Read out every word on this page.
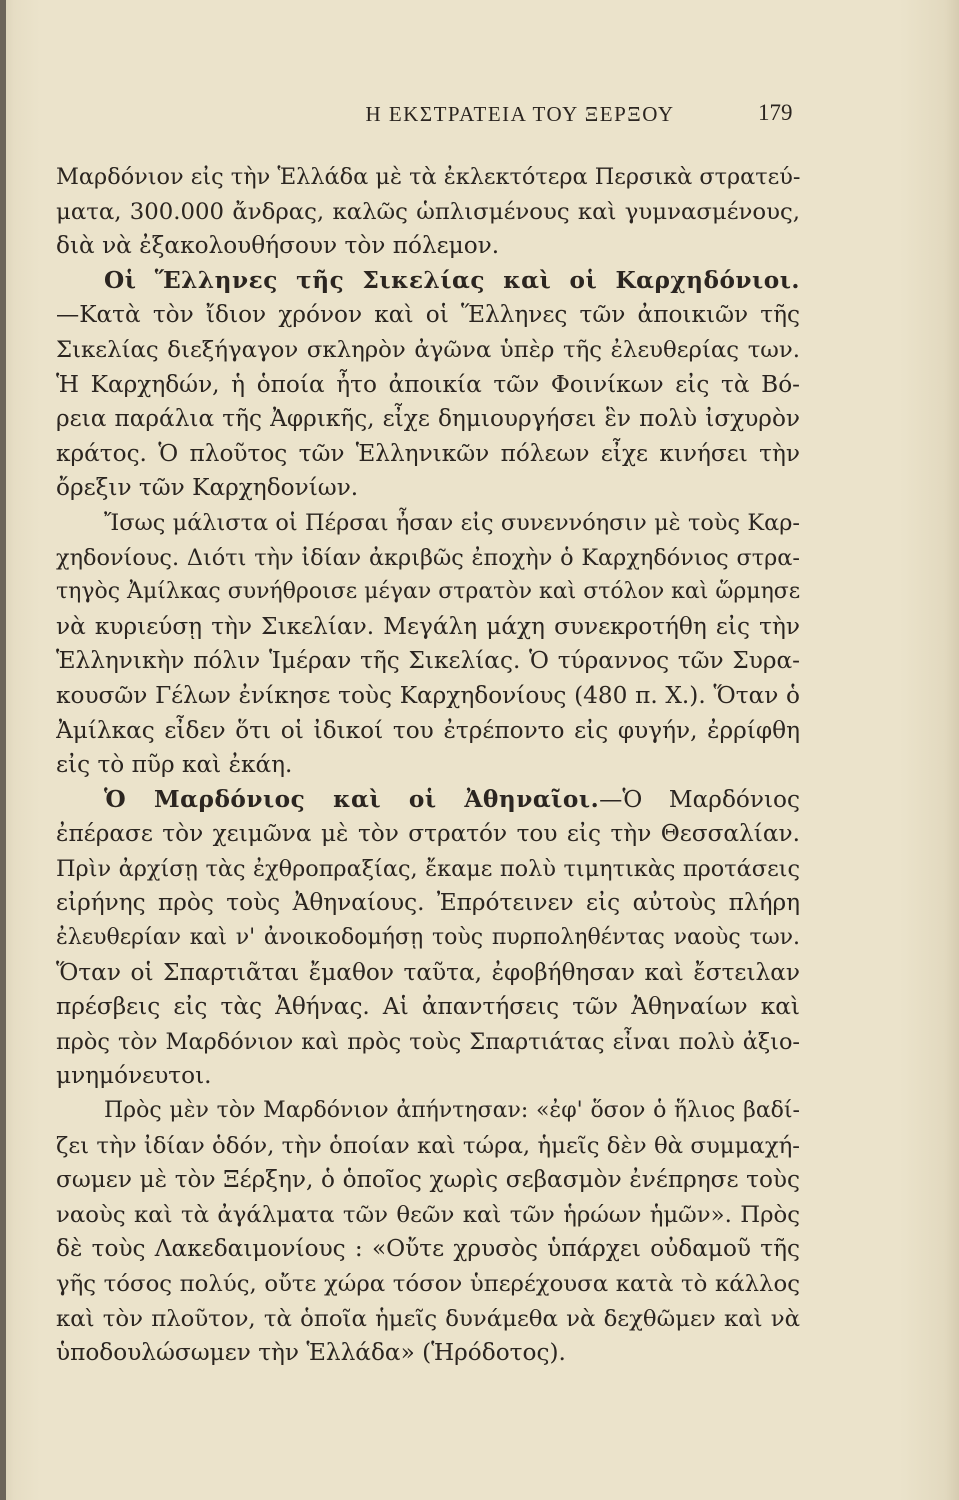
Η ΕΚΣΤΡΑΤΕΙΑ ΤΟΥ ΞΕΡΞΟΥ	179
Μαρδόνιον εἰς τὴν Ἑλλάδα μὲ τὰ ἐκλεκτότερα Περσικὰ στρατεύ-
ματα, 300.000 ἄνδρας, καλῶς ὡπλισμένους καὶ γυμνασμένους,
διὰ νὰ ἐξακολουθήσουν τὸν πόλεμον.
Οἱ Ἕλληνες τῆς Σικελίας καὶ οἱ Καρχηδόνιοι.
—Κατὰ τὸν ἴδιον χρόνον καὶ οἱ Ἕλληνες τῶν ἀποικιῶν τῆς
Σικελίας διεξήγαγον σκληρὸν ἀγῶνα ὑπὲρ τῆς ἐλευθερίας των.
Ἡ Καρχηδών, ἡ ὁποία ἦτο ἀποικία τῶν Φοινίκων εἰς τὰ Βό-
ρεια παράλια τῆς Ἀφρικῆς, εἶχε δημιουργήσει ἓν πολὺ ἰσχυρὸν
κράτος. Ὁ πλοῦτος τῶν Ἑλληνικῶν πόλεων εἶχε κινήσει τὴν
ὄρεξιν τῶν Καρχηδονίων.
Ἴσως μάλιστα οἱ Πέρσαι ἦσαν εἰς συνεννόησιν μὲ τοὺς Καρ-
χηδονίους. Διότι τὴν ἰδίαν ἀκριβῶς ἐποχὴν ὁ Καρχηδόνιος στρα-
τηγὸς Ἀμίλκας συνήθροισε μέγαν στρατὸν καὶ στόλον καὶ ὥρμησε
νὰ κυριεύσῃ τὴν Σικελίαν. Μεγάλη μάχη συνεκροτήθη εἰς τὴν
Ἑλληνικὴν πόλιν Ἱμέραν τῆς Σικελίας. Ὁ τύραννος τῶν Συρα-
κουσῶν Γέλων ἐνίκησε τοὺς Καρχηδονίους (480 π. Χ.). Ὅταν ὁ
Ἀμίλκας εἶδεν ὅτι οἱ ἰδικοί του ἐτρέποντο εἰς φυγήν, ἐρρίφθη
εἰς τὸ πῦρ καὶ ἐκάη.
Ὁ Μαρδόνιος καὶ οἱ Ἀθηναῖοι.—Ὁ Μαρδόνιος
ἐπέρασε τὸν χειμῶνα μὲ τὸν στρατόν του εἰς τὴν Θεσσαλίαν.
Πρὶν ἀρχίσῃ τὰς ἐχθροπραξίας, ἔκαμε πολὺ τιμητικὰς προτάσεις
εἰρήνης πρὸς τοὺς Ἀθηναίους. Ἐπρότεινεν εἰς αὐτοὺς πλήρη
ἐλευθερίαν καὶ ν' ἀνοικοδομήσῃ τοὺς πυρποληθέντας ναοὺς των.
Ὅταν οἱ Σπαρτιᾶται ἔμαθον ταῦτα, ἐφοβήθησαν καὶ ἔστειλαν
πρέσβεις εἰς τὰς Ἀθήνας. Αἱ ἀπαντήσεις τῶν Ἀθηναίων καὶ
πρὸς τὸν Μαρδόνιον καὶ πρὸς τοὺς Σπαρτιάτας εἶναι πολὺ ἀξιο-
μνημόνευτοι.
Πρὸς μὲν τὸν Μαρδόνιον ἀπήντησαν: «ἐφ' ὅσον ὁ ἥλιος βαδί-
ζει τὴν ἰδίαν ὁδόν, τὴν ὁποίαν καὶ τώρα, ἡμεῖς δὲν θὰ συμμαχή-
σωμεν μὲ τὸν Ξέρξην, ὁ ὁποῖος χωρὶς σεβασμὸν ἐνέπρησε τοὺς
ναοὺς καὶ τὰ ἀγάλματα τῶν θεῶν καὶ τῶν ἡρώων ἡμῶν». Πρὸς
δὲ τοὺς Λακεδαιμονίους : «Οὔτε χρυσὸς ὑπάρχει οὐδαμοῦ τῆς
γῆς τόσος πολύς, οὔτε χώρα τόσον ὑπερέχουσα κατὰ τὸ κάλλος
καὶ τὸν πλοῦτον, τὰ ὁποῖα ἡμεῖς δυνάμεθα νὰ δεχθῶμεν καὶ νὰ
ὑποδουλώσωμεν τὴν Ἑλλάδα» (Ἡρόδοτος).
